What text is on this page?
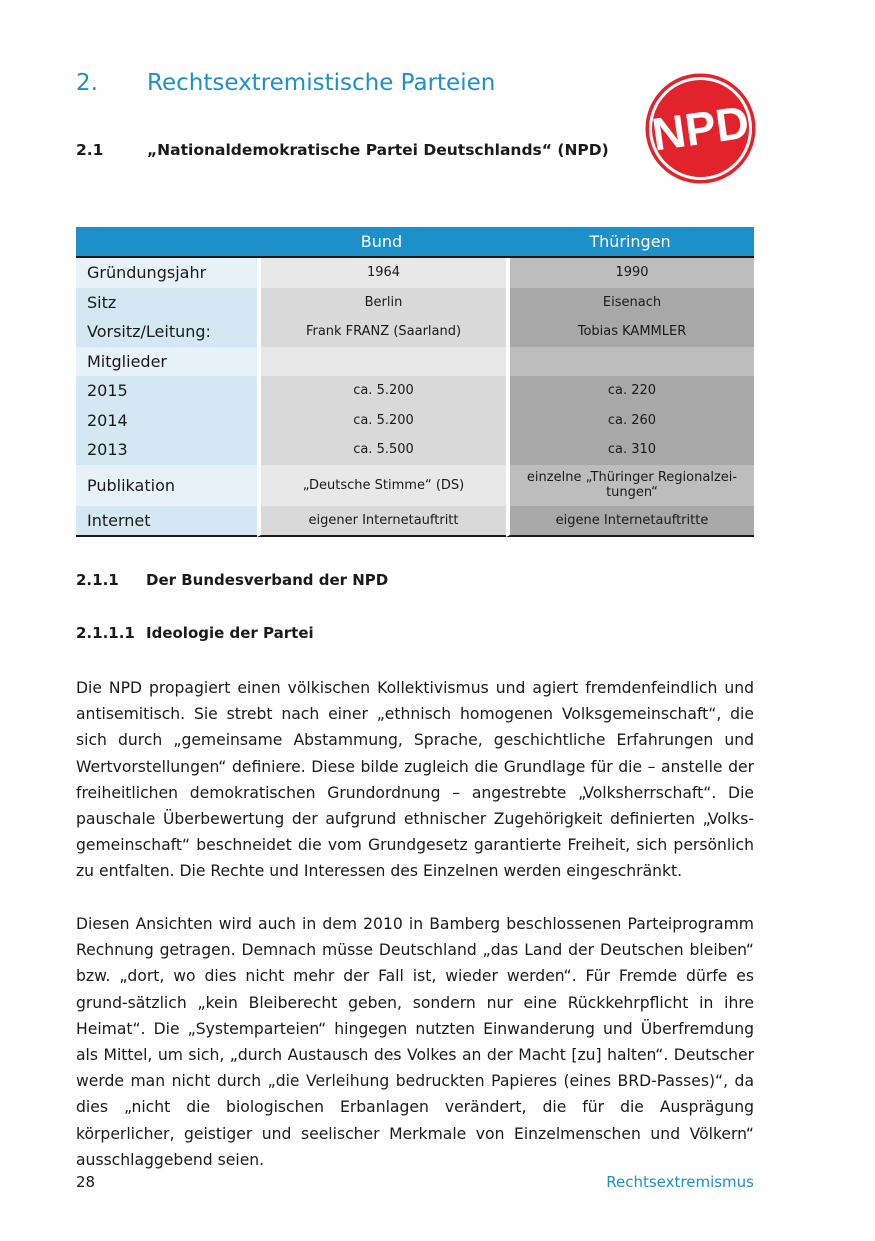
2. Rechtsextremistische Parteien
2.1	„Nationaldemokratische Partei Deutschlands“ (NPD) NPD
	Bund	Thüringen
Gründungsjahr	1964	1990
Sitz	Berlin	Eisenach
Vorsitz/Leitung:	Frank FRANZ (Saarland)	Tobias KAMMLER
Mitglieder		
2015	ca. 5.200	ca. 220
2014	ca. 5.200	ca. 260
2013	ca. 5.500	ca. 310
Publikation	„Deutsche Stimme“ (DS)	einzelne „Thüringer Regionalzei-tungen“
Internet	eigener Internetauftritt	eigene Internetauftritte
2.1.1 Der Bundesverband der NPD
2.1.1.1 Ideologie der Partei

Die NPD propagiert einen völkischen Kollektivismus und agiert fremdenfeindlich und antisemitisch. Sie strebt nach einer „ethnisch homogenen Volksgemeinschaft“, die sich durch „gemeinsame Abstammung, Sprache, geschichtliche Erfahrungen und Wertvorstellungen“ definiere. Diese bilde zugleich die Grundlage für die – anstelle der freiheitlichen demokratischen Grundordnung – angestrebte „Volksherrschaft“. Die pauschale Überbewertung der aufgrund ethnischer Zugehörigkeit definierten „Volks-gemeinschaft“ beschneidet die vom Grundgesetz garantierte Freiheit, sich persönlich zu entfalten. Die Rechte und Interessen des Einzelnen werden eingeschränkt.

Diesen Ansichten wird auch in dem 2010 in Bamberg beschlossenen Parteiprogramm Rechnung getragen. Demnach müsse Deutschland „das Land der Deutschen bleiben“ bzw. „dort, wo dies nicht mehr der Fall ist, wieder werden“. Für Fremde dürfe es grund-sätzlich „kein Bleiberecht geben, sondern nur eine Rückkehrpflicht in ihre Heimat“. Die „Systemparteien“ hingegen nutzten Einwanderung und Überfremdung als Mittel, um sich, „durch Austausch des Volkes an der Macht [zu] halten“. Deutscher werde man nicht durch „die Verleihung bedruckten Papieres (eines BRD-Passes)“, da dies „nicht die biologischen Erbanlagen verändert, die für die Ausprägung körperlicher, geistiger und seelischer Merkmale von Einzelmenschen und Völkern“ ausschlaggebend seien.

28	Rechtsextremismus
